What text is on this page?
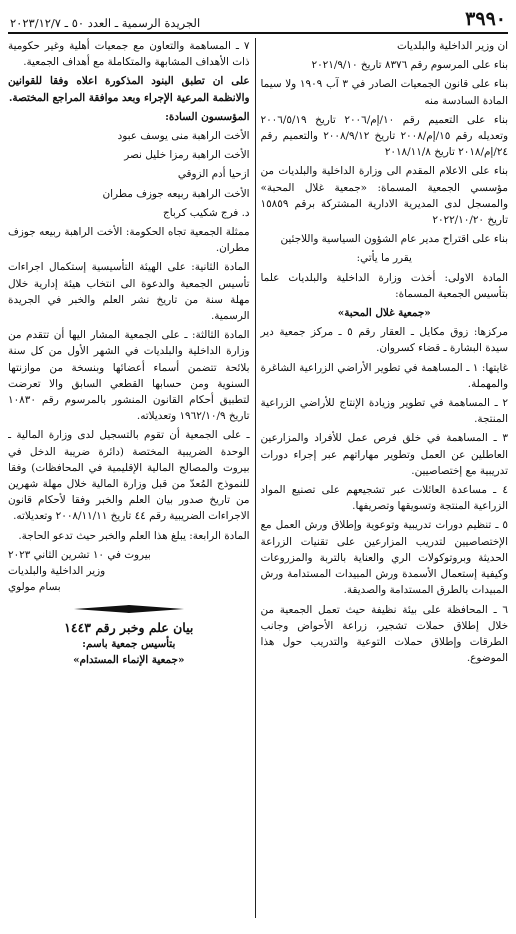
٣٩٩٠
الجريدة الرسمية ـ العدد ٥٠ ـ ٢٠٢٣/١٢/٧

ان وزير الداخلية والبلديات

بناء على المرسوم رقم ٨٣٧٦ تاريخ ٢٠٢١/٩/١٠

بناء على قانون الجمعيات الصادر في ٣ آب ١٩٠٩ ولا سيما المادة السادسة منه

بناء على التعميم رقم ١٠/إم/٢٠٠٦ تاريخ ٢٠٠٦/٥/١٩ وتعديله رقم ١٥/إم/٢٠٠٨ تاريخ ٢٠٠٨/٩/١٢ والتعميم رقم ٢٤/إم/٢٠١٨ تاريخ ٢٠١٨/١١/٨

بناء على الاعلام المقدم الى وزارة الداخلية والبلديات من مؤسسي الجمعية المسماة: «جمعية غلال المحبة» والمسجل لدى المديرية الادارية المشتركة برقم ١٥٨٥٩ تاريخ ٢٠٢٢/١٠/٢٠

بناء على اقتراح مدير عام الشؤون السياسية واللاجئين

يقرر ما يأتي:

المادة الاولى: أخذت وزارة الداخلية والبلديات علما بتأسيس الجمعية المسماة:

«جمعية غلال المحبة»

مركزها: زوق مكايل ـ العقار رقم ٥ ـ مركز جمعية دير سيدة البشارة ـ قضاء كسروان.

غايتها: ١ ـ المساهمة في تطوير الأراضي الزراعية الشاغرة والمهملة.

٢ ـ المساهمة في تطوير وزيادة الإنتاج للأراضي الزراعية المنتجة.

٣ ـ المساهمة في خلق فرص عمل للأفراد والمزارعين العاطلين عن العمل وتطوير مهاراتهم عبر إجراء دورات تدريبية مع إختصاصيين.

٤ ـ مساعدة العائلات عبر تشجيعهم على تصنيع المواد الزراعية المنتجة وتسويقها وتصريفها.

٥ ـ تنظيم دورات تدريبية وتوعوية وإطلاق ورش العمل مع الإختصاصيين لتدريب المزارعين على تقنيات الزراعة الحديثة وبروتوكولات الري والعناية بالتربة والمزروعات وكيفية إستعمال الأسمدة ورش المبيدات المستدامة ورش المبيدات بالطرق المستدامة والصديقة.

٦ ـ المحافظة على بيئة نظيفة حيث تعمل الجمعية من خلال إطلاق حملات تشجير، زراعة الأحواض وجانب الطرقات وإطلاق حملات التوعية والتدريب حول هذا الموضوع.

٧ ـ المساهمة والتعاون مع جمعيات أهلية وغير حكومية ذات الأهداف المشابهة والمتكاملة مع أهداف الجمعية.

على ان تطبق البنود المذكورة اعلاه وفقا للقوانين والانظمة المرعية الإجراء وبعد موافقة المراجع المختصة.

المؤسسون السادة:

الأخت الراهبة منى يوسف عبود

الأخت الراهبة رمزا خليل نصر

ازحيا أدم الزوقي

الأخت الراهبة ربيعه جوزف مطران

د. فرج شكيب كرباج

ممثلة الجمعية تجاه الحكومة: الأخت الراهبة ربيعه جوزف مطران.

المادة الثانية: على الهيئة التأسيسية إستكمال اجراءات تأسيس الجمعية والدعوة الى انتخاب هيئة إدارية خلال مهلة سنة من تاريخ نشر العلم والخبر في الجريدة الرسمية.

المادة الثالثة: ـ على الجمعية المشار اليها أن تتقدم من وزارة الداخلية والبلديات في الشهر الأول من كل سنة بلائحة تتضمن أسماء أعضائها وبنسخة من موازنتها السنوية ومن حسابها القطعي السابق والا تعرضت لتطبيق أحكام القانون المنشور بالمرسوم رقم ١٠٨٣٠ تاريخ ١٩٦٢/١٠/٩ وتعديلاته.

ـ على الجمعية أن تقوم بالتسجيل لدى وزارة المالية ـ الوحدة الضريبية المختصة (دائرة ضريبة الدخل في بيروت والمصالح المالية الإقليمية في المحافظات) وفقا للنموذج المُعدّ من قبل وزارة المالية خلال مهلة شهرين من تاريخ صدور بيان العلم والخبر وفقا لأحكام قانون الاجراءات الضريبية رقم ٤٤ تاريخ ٢٠٠٨/١١/١١ وتعديلاته.

المادة الرابعة: يبلغ هذا العلم والخبر حيث تدعو الحاجة.

بيروت في ١٠ تشرين الثاني ٢٠٢٣

وزير الداخلية والبلديات

بسام مولوي

بيان علم وخبر رقم ١٤٤٣

بتأسيس جمعية باسم:

«جمعية الإنماء المستدام»
